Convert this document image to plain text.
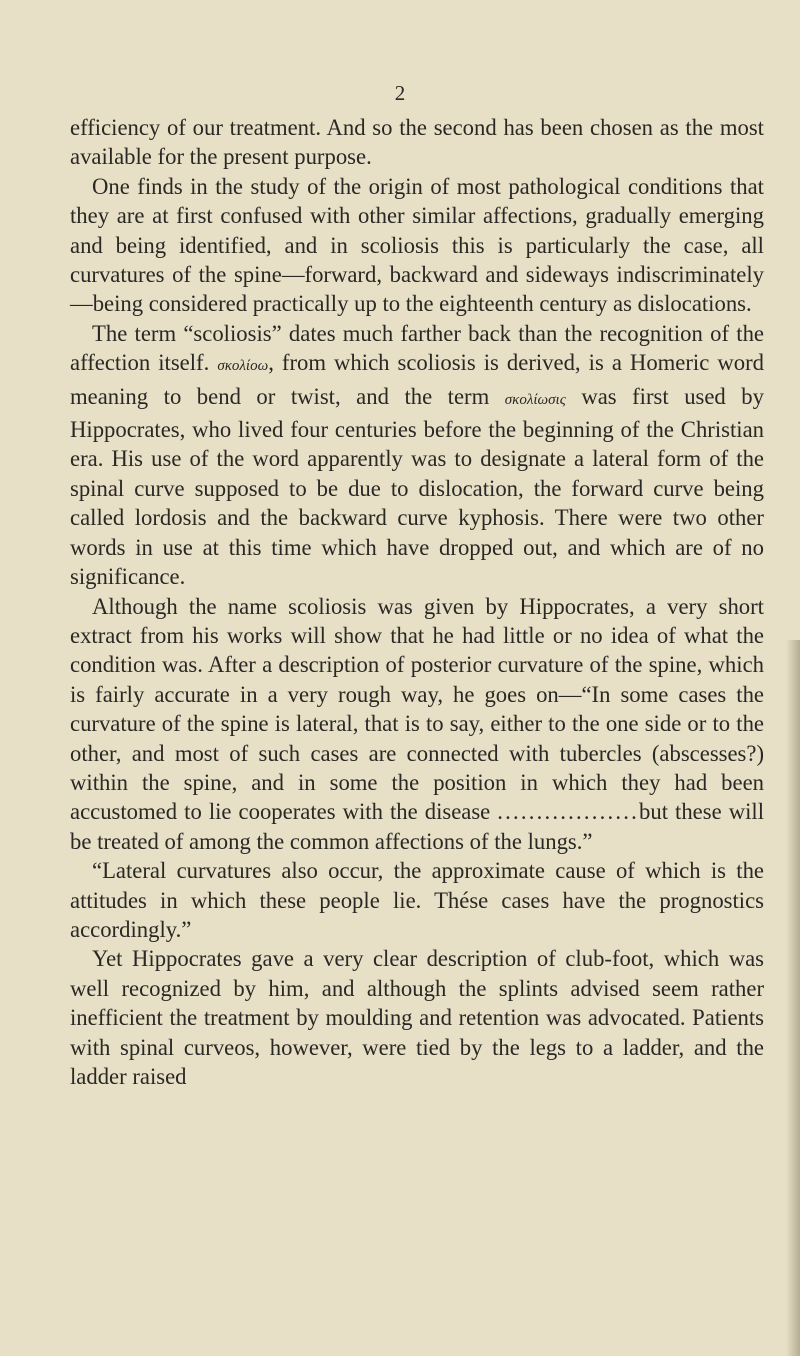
2

efficiency of our treatment. And so the second has been chosen as the most available for the present purpose.

One finds in the study of the origin of most pathological conditions that they are at first confused with other similar affections, gradually emerging and being identified, and in scoliosis this is particularly the case, all curvatures of the spine—forward, backward and sideways indiscriminately—being considered practically up to the eighteenth century as dislocations.

The term “scoliosis” dates much farther back than the recognition of the affection itself. σκολίοω, from which scoliosis is derived, is a Homeric word meaning to bend or twist, and the term σκολίωσις was first used by Hippocrates, who lived four centuries before the beginning of the Christian era. His use of the word apparently was to designate a lateral form of the spinal curve supposed to be due to dislocation, the forward curve being called lordosis and the backward curve kyphosis. There were two other words in use at this time which have dropped out, and which are of no significance.

Although the name scoliosis was given by Hippocrates, a very short extract from his works will show that he had little or no idea of what the condition was. After a description of posterior curvature of the spine, which is fairly accurate in a very rough way, he goes on—“In some cases the curvature of the spine is lateral, that is to say, either to the one side or to the other, and most of such cases are connected with tubercles (abscesses?) within the spine, and in some the position in which they had been accustomed to lie cooperates with the disease ..................but these will be treated of among the common affections of the lungs.”

“Lateral curvatures also occur, the approximate cause of which is the attitudes in which these people lie. Thése cases have the prognostics accordingly.”

Yet Hippocrates gave a very clear description of club-foot, which was well recognized by him, and although the splints advised seem rather inefficient the treatment by moulding and retention was advocated. Patients with spinal curveos, however, were tied by the legs to a ladder, and the ladder raised
